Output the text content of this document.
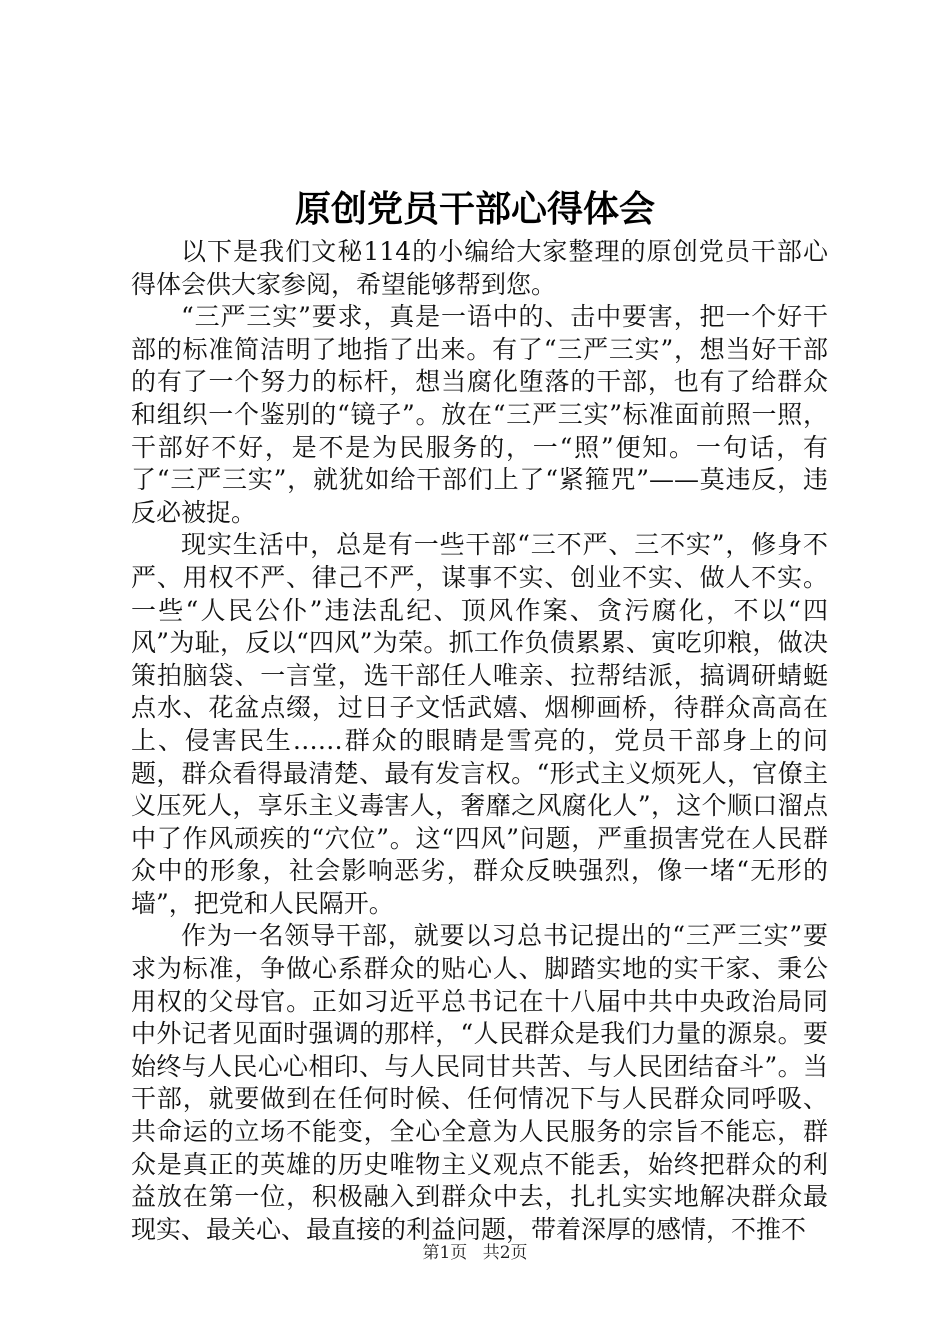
原创党员干部心得体会

以下是我们文秘114的小编给大家整理的原创党员干部心得体会供大家参阅，希望能够帮到您。

“三严三实”要求，真是一语中的、击中要害，把一个好干部的标准简洁明了地指了出来。有了“三严三实”，想当好干部的有了一个努力的标杆，想当腐化堕落的干部，也有了给群众和组织一个鉴别的“镜子”。放在“三严三实”标准面前照一照，干部好不好，是不是为民服务的，一“照”便知。一句话，有了“三严三实”，就犹如给干部们上了“紧箍咒”——莫违反，违反必被捉。

现实生活中，总是有一些干部“三不严、三不实”，修身不严、用权不严、律己不严，谋事不实、创业不实、做人不实。一些“人民公仆”违法乱纪、顶风作案、贪污腐化，不以“四风”为耻，反以“四风”为荣。抓工作负债累累、寅吃卯粮，做决策拍脑袋、一言堂，选干部任人唯亲、拉帮结派，搞调研蜻蜓点水、花盆点缀，过日子文恬武嬉、烟柳画桥，待群众高高在上、侵害民生……群众的眼睛是雪亮的，党员干部身上的问题，群众看得最清楚、最有发言权。“形式主义烦死人，官僚主义压死人，享乐主义毒害人，奢靡之风腐化人”，这个顺口溜点中了作风顽疾的“穴位”。这“四风”问题，严重损害党在人民群众中的形象，社会影响恶劣，群众反映强烈，像一堵“无形的墙”，把党和人民隔开。

作为一名领导干部，就要以习总书记提出的“三严三实”要求为标准，争做心系群众的贴心人、脚踏实地的实干家、秉公用权的父母官。正如习近平总书记在十八届中共中央政治局同中外记者见面时强调的那样，“人民群众是我们力量的源泉。要始终与人民心心相印、与人民同甘共苦、与人民团结奋斗”。当干部，就要做到在任何时候、任何情况下与人民群众同呼吸、共命运的立场不能变，全心全意为人民服务的宗旨不能忘，群众是真正的英雄的历史唯物主义观点不能丢，始终把群众的利益放在第一位，积极融入到群众中去，扎扎实实地解决群众最现实、最关心、最直接的利益问题，带着深厚的感情，不推不

第1页 共2页
